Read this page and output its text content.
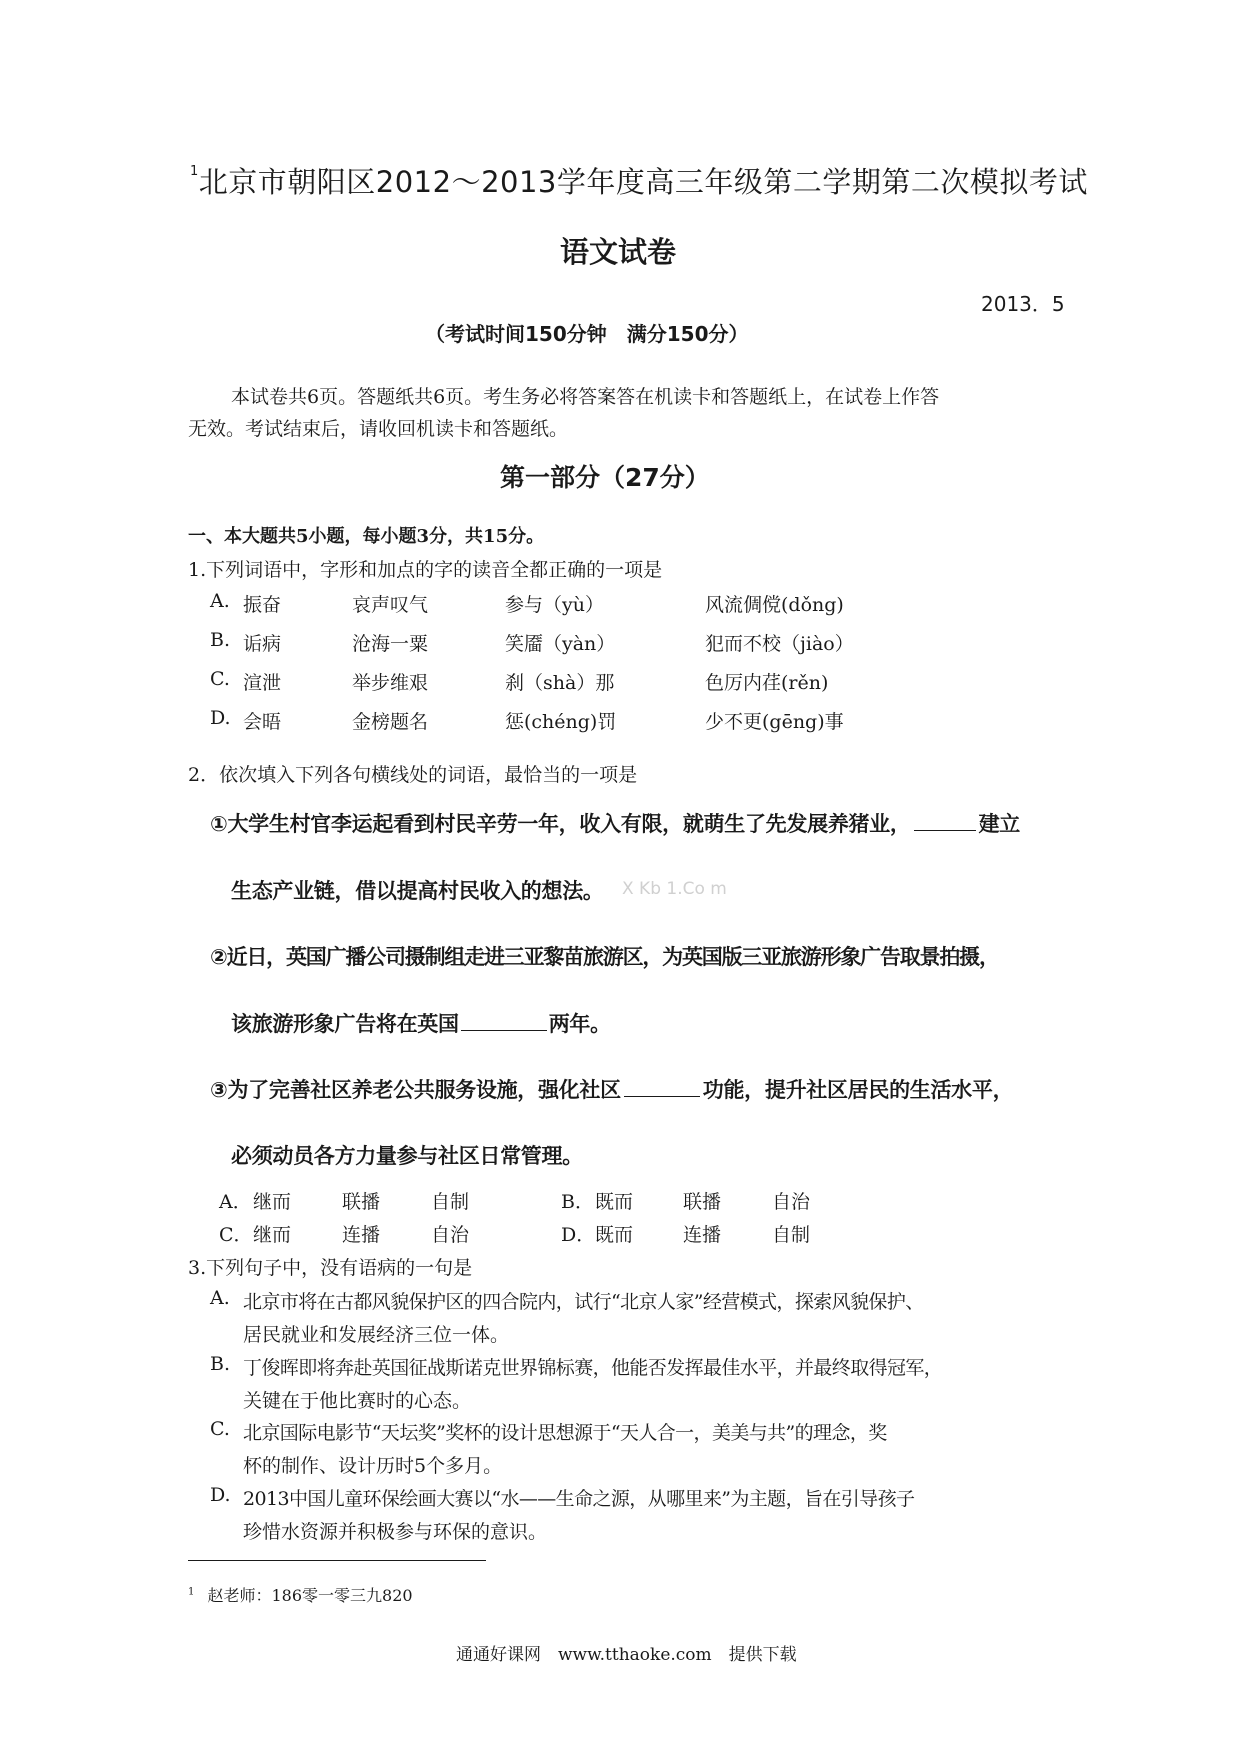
$^1$北京市朝阳区2012～2013学年度高三年级第二学期第二次模拟考试
语文试卷
2013．5
（考试时间150分钟　满分150分）
本试卷共6页。答题纸共6页。考生务必将答案答在机读卡和答题纸上，在试卷上作答
无效。考试结束后，请收回机读卡和答题纸。
第一部分（27分）
一、本大题共5小题，每小题3分，共15分。
1.下列词语中，字形和加点的字的读音全都正确的一项是
A. 振奋	哀声叹气	参与（yù）	风流倜傥(dǒng)
B. 诟病	沧海一粟	笑靥（yàn）	犯而不校（jiào）
C. 渲泄	举步维艰	刹（shà）那	色厉内荏(rěn)
D. 会晤	金榜题名	惩(chéng)罚	少不更(gēng)事
2．依次填入下列各句横线处的词语，最恰当的一项是
①大学生村官李运起看到村民辛劳一年，收入有限，就萌生了先发展养猪业，	建立
生态产业链，借以提高村民收入的想法。 X Kb 1.Co m
②近日，英国广播公司摄制组走进三亚黎苗旅游区，为英国版三亚旅游形象广告取景拍摄，
该旅游形象广告将在英国	两年。
③为了完善社区养老公共服务设施，强化社区	功能，提升社区居民的生活水平，
必须动员各方力量参与社区日常管理。
A． 继而	联播	自制	B． 既而	联播	自治
C． 继而	连播	自治	D． 既而	连播	自制
3.下列句子中，没有语病的一句是
A. 北京市将在古都风貌保护区的四合院内，试行“北京人家”经营模式，探索风貌保护、
居民就业和发展经济三位一体。
B. 丁俊晖即将奔赴英国征战斯诺克世界锦标赛，他能否发挥最佳水平，并最终取得冠军，
关键在于他比赛时的心态。
C. 北京国际电影节“天坛奖”奖杯的设计思想源于“天人合一，美美与共”的理念，奖
杯的制作、设计历时5个多月。
D. 2013中国儿童环保绘画大赛以“水——生命之源，从哪里来”为主题，旨在引导孩子
珍惜水资源并积极参与环保的意识。
$^1$ 赵老师：186零一零三九820
通通好课网　www.tthaoke.com　提供下载
